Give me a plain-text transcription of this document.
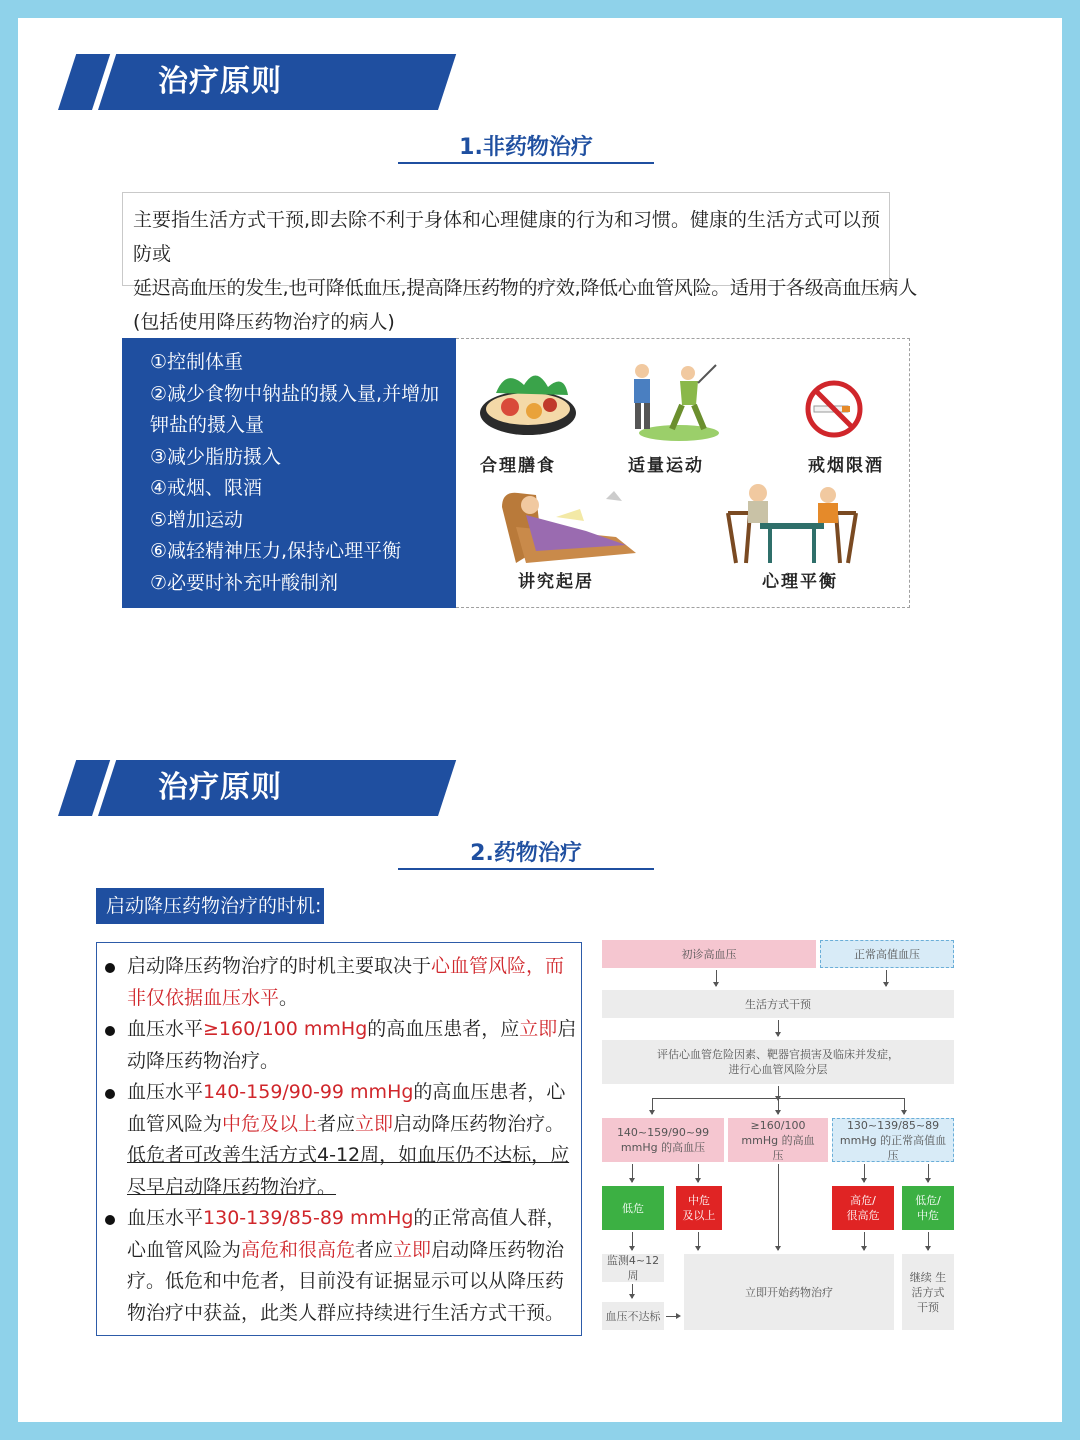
治疗原则
1.非药物治疗
主要指生活方式干预,即去除不利于身体和心理健康的行为和习惯。健康的生活方式可以预防或
延迟高血压的发生,也可降低血压,提高降压药物的疗效,降低心血管风险。适用于各级高血压病人
(包括使用降压药物治疗的病人)
①控制体重
②减少食物中钠盐的摄入量,并增加
钾盐的摄入量
③减少脂肪摄入
④戒烟、限酒
⑤增加运动
⑥减轻精神压力,保持心理平衡
⑦必要时补充叶酸制剂
合理膳食	适量运动	戒烟限酒
讲究起居	心理平衡
治疗原则
2.药物治疗
启动降压药物治疗的时机:
启动降压药物治疗的时机主要取决于心血管风险，而非仅依据血压水平。
血压水平≥160/100 mmHg的高血压患者，应立即启动降压药物治疗。
血压水平140-159/90-99 mmHg的高血压患者，心血管风险为中危及以上者应立即启动降压药物治疗。低危者可改善生活方式4-12周，如血压仍不达标，应尽早启动降压药物治疗。
血压水平130-139/85-89 mmHg的正常高值人群，心血管风险为高危和很高危者应立即启动降压药物治疗。低危和中危者，目前没有证据显示可以从降压药物治疗中获益，此类人群应持续进行生活方式干预。
初诊高血压	正常高值血压
生活方式干预
评估心血管危险因素、靶器官损害及临床并发症，进行心血管风险分层
140~159/90~99 mmHg 的高血压
≥160/100 mmHg 的高血压
130~139/85~89 mmHg 的正常高值血压
低危
中危 及以上
高危/ 很高危
低危/ 中危
监测4~12周
血压不达标
立即开始药物治疗
继续 生活方式 干预
